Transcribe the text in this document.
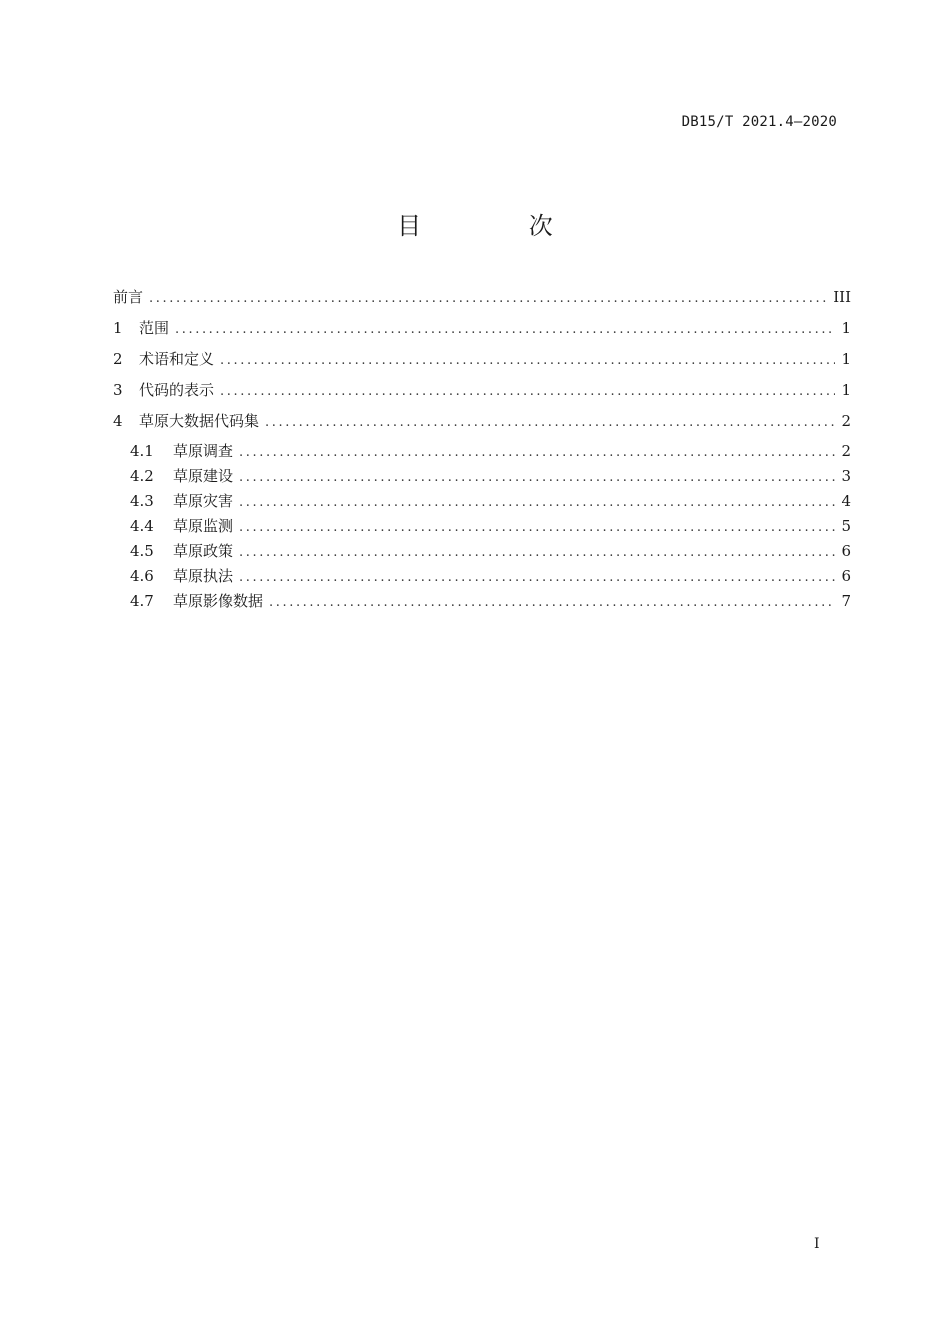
DB15/T 2021.4—2020
目 次
前言 .....	III
1	范围 .....	1
2	术语和定义 .....	1
3	代码的表示 .....	1
4	草原大数据代码集 .....	2
4.1	草原调查 .....	2
4.2	草原建设 .....	3
4.3	草原灾害 .....	4
4.4	草原监测 .....	5
4.5	草原政策 .....	6
4.6	草原执法 .....	6
4.7	草原影像数据 .....	7
I
